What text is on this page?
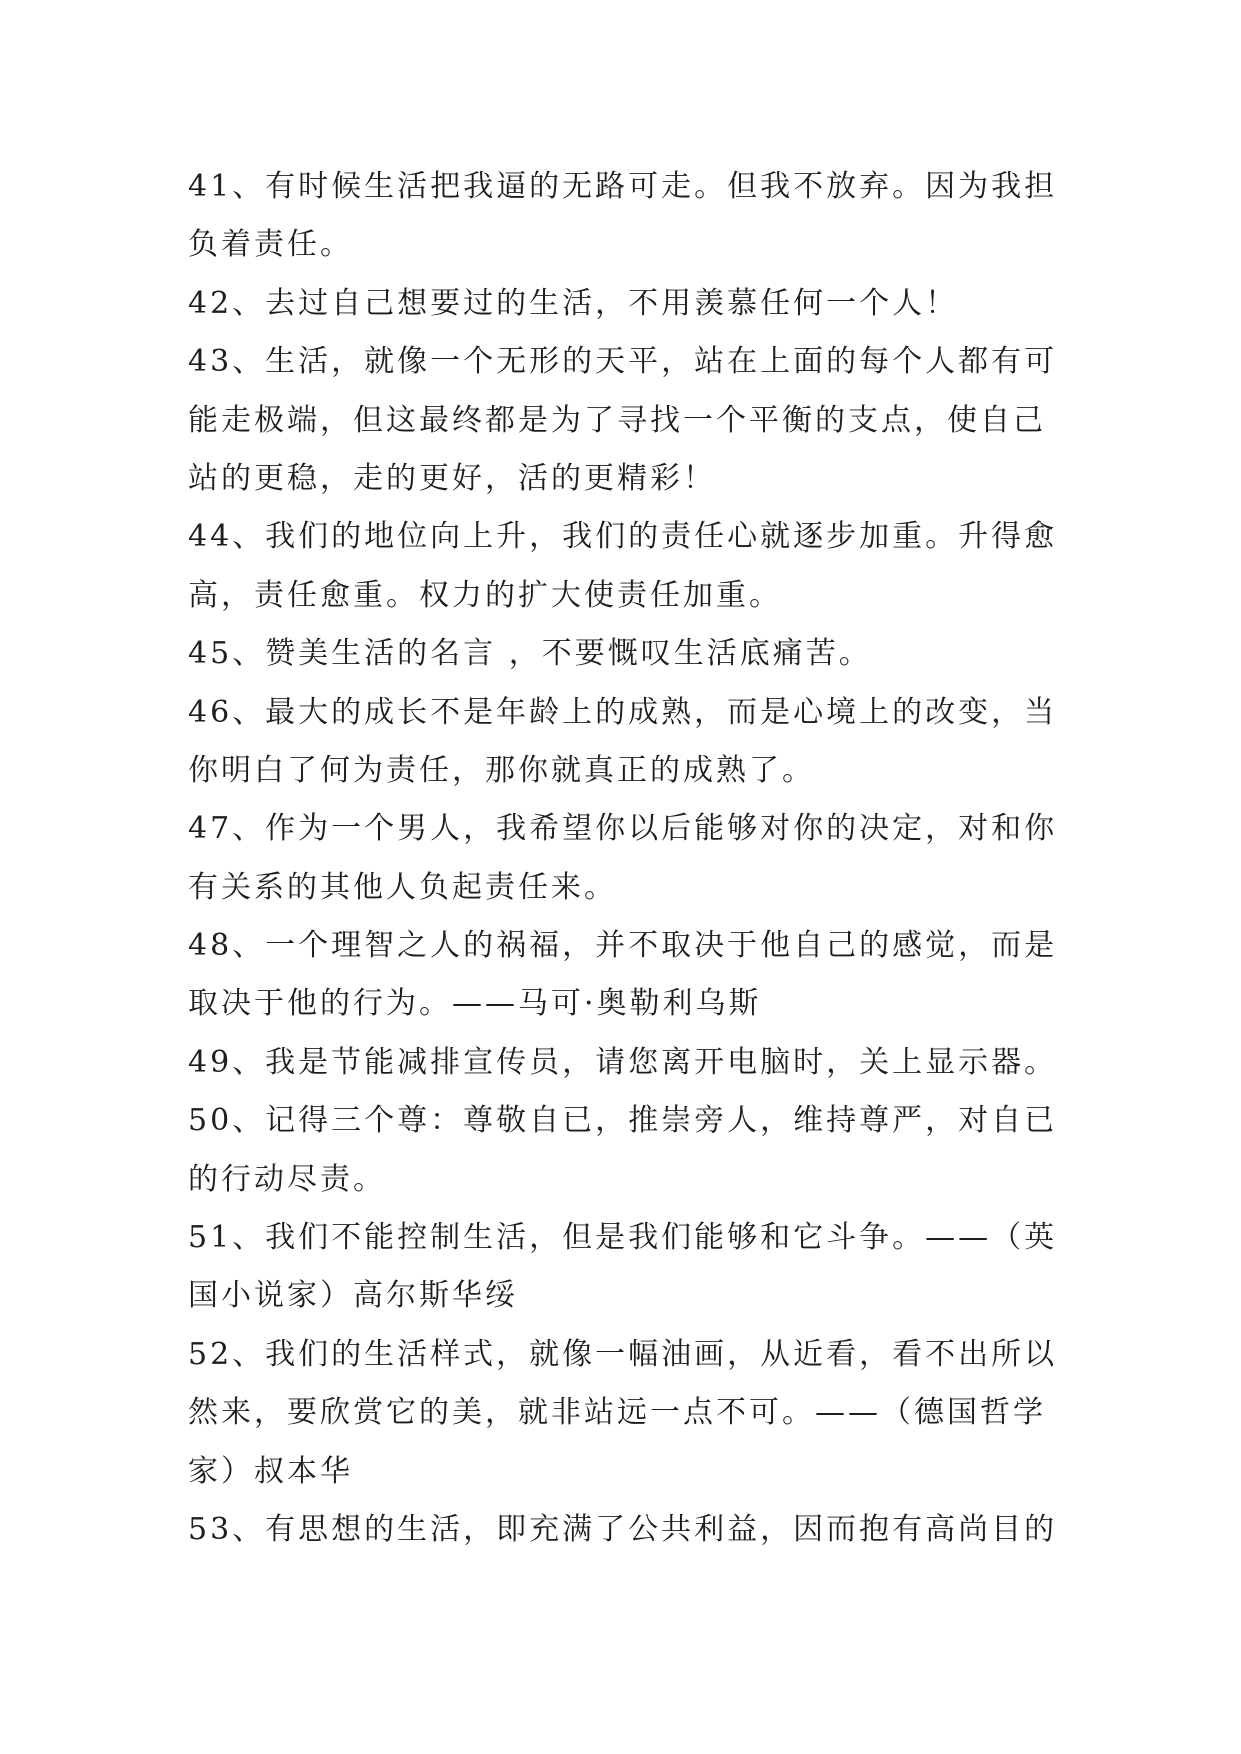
41、有时候生活把我逼的无路可走。但我不放弃。因为我担
负着责任。
42、去过自己想要过的生活，不用羡慕任何一个人！
43、生活，就像一个无形的天平，站在上面的每个人都有可
能走极端，但这最终都是为了寻找一个平衡的支点，使自己
站的更稳，走的更好，活的更精彩！
44、我们的地位向上升，我们的责任心就逐步加重。升得愈
高，责任愈重。权力的扩大使责任加重。
45、赞美生活的名言 ，不要慨叹生活底痛苦。
46、最大的成长不是年龄上的成熟，而是心境上的改变，当
你明白了何为责任，那你就真正的成熟了。
47、作为一个男人，我希望你以后能够对你的决定，对和你
有关系的其他人负起责任来。
48、一个理智之人的祸福，并不取决于他自己的感觉，而是
取决于他的行为。——马可·奥勒利乌斯
49、我是节能减排宣传员，请您离开电脑时，关上显示器。
50、记得三个尊：尊敬自已，推崇旁人，维持尊严，对自已
的行动尽责。
51、我们不能控制生活，但是我们能够和它斗争。——（英
国小说家）高尔斯华绥
52、我们的生活样式，就像一幅油画，从近看，看不出所以
然来，要欣赏它的美，就非站远一点不可。——（德国哲学
家）叔本华
53、有思想的生活，即充满了公共利益，因而抱有高尚目的
